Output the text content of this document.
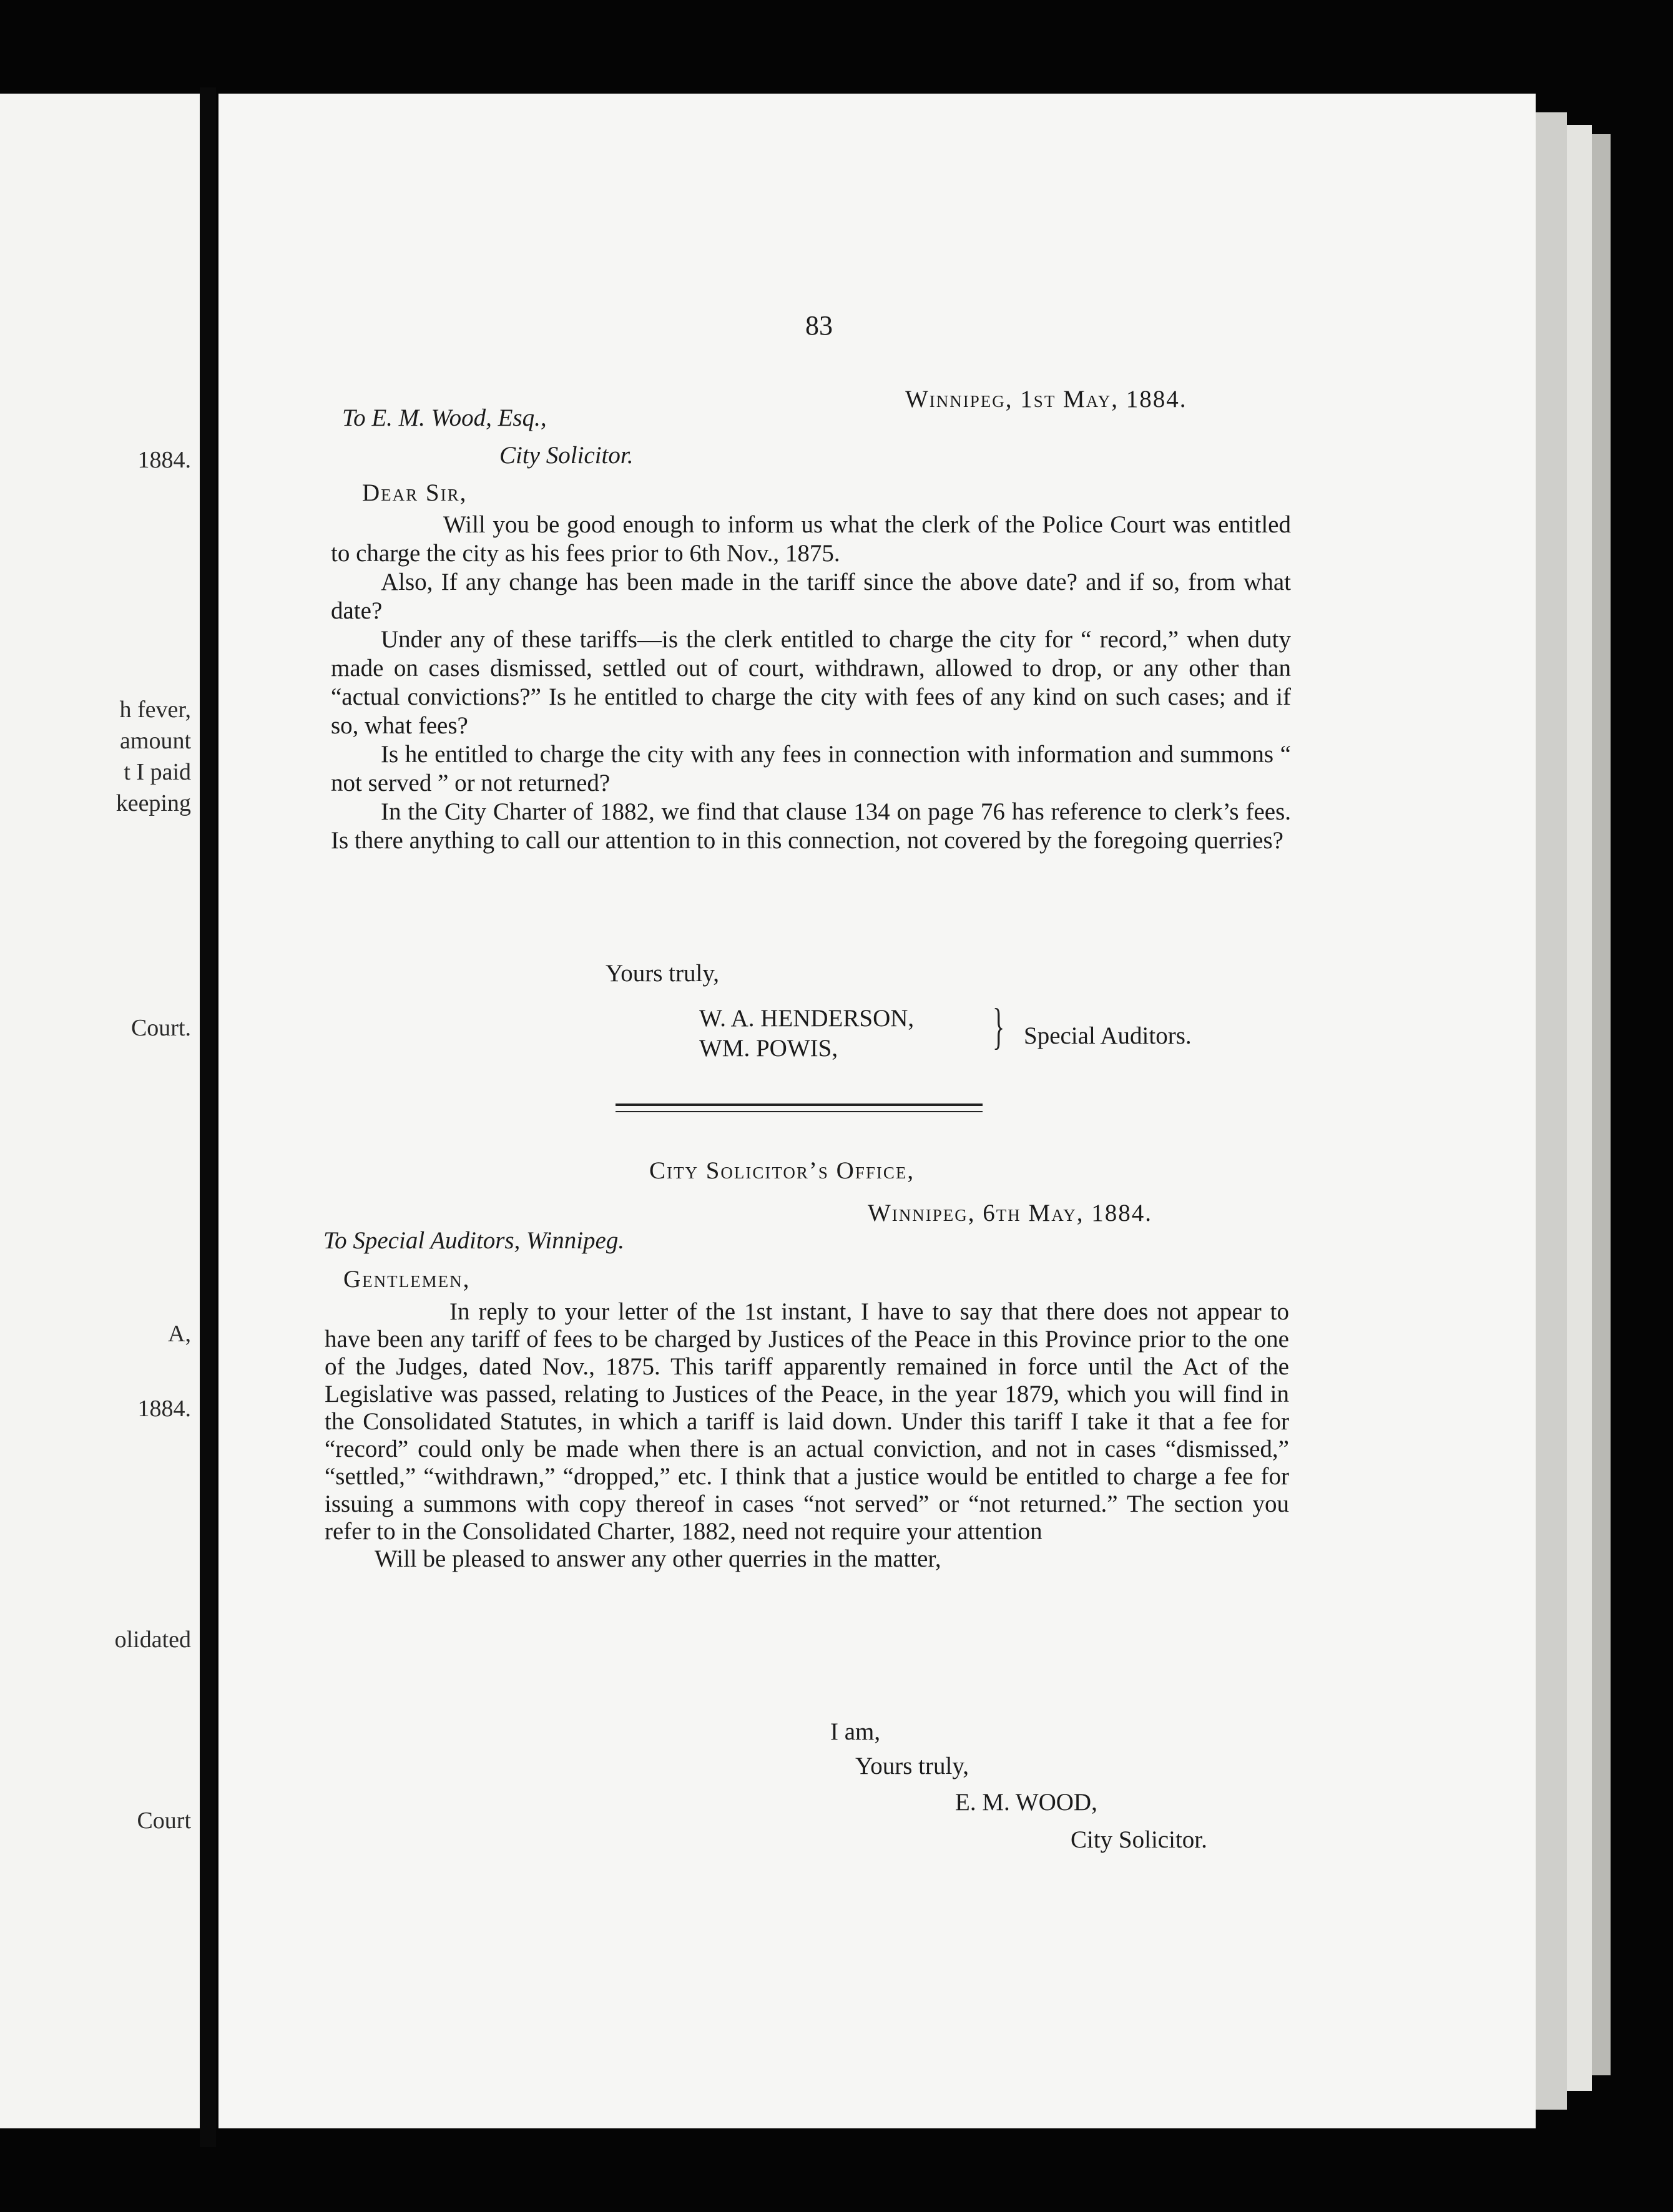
1884.
h fever,
amount
t I paid
keeping
Court.
A,
1884.
olidated
Court
83
Winnipeg, 1st May, 1884.
To E. M. Wood, Esq.,
City Solicitor.
Dear Sir,

Will you be good enough to inform us what the clerk of the Police Court was entitled to charge the city as his fees prior to 6th Nov., 1875.

Also, If any change has been made in the tariff since the above date? and if so, from what date?

Under any of these tariffs—is the clerk entitled to charge the city for “ record,” when duty made on cases dismissed, settled out of court, withdrawn, allowed to drop, or any other than “actual convictions?” Is he entitled to charge the city with fees of any kind on such cases; and if so, what fees?

Is he entitled to charge the city with any fees in connection with information and summons “ not served ” or not returned?

In the City Charter of 1882, we find that clause 134 on page 76 has reference to clerk’s fees. Is there anything to call our attention to in this connection, not covered by the foregoing querries?

Yours truly,
W. A. HENDERSON,
WM. POWIS,	} Special Auditors.
City Solicitor’s Office,
Winnipeg, 6th May, 1884.
To Special Auditors, Winnipeg.
Gentlemen,

In reply to your letter of the 1st instant, I have to say that there does not appear to have been any tariff of fees to be charged by Justices of the Peace in this Province prior to the one of the Judges, dated Nov., 1875. This tariff apparently remained in force until the Act of the Legislative was passed, relating to Justices of the Peace, in the year 1879, which you will find in the Consolidated Statutes, in which a tariff is laid down. Under this tariff I take it that a fee for “record” could only be made when there is an actual conviction, and not in cases “dismissed,” “settled,” “withdrawn,” “dropped,” etc. I think that a justice would be entitled to charge a fee for issuing a summons with copy thereof in cases “not served” or “not returned.” The section you refer to in the Consolidated Charter, 1882, need not require your attention

Will be pleased to answer any other querries in the matter,

I am,
Yours truly,
E. M. WOOD,
City Solicitor.
